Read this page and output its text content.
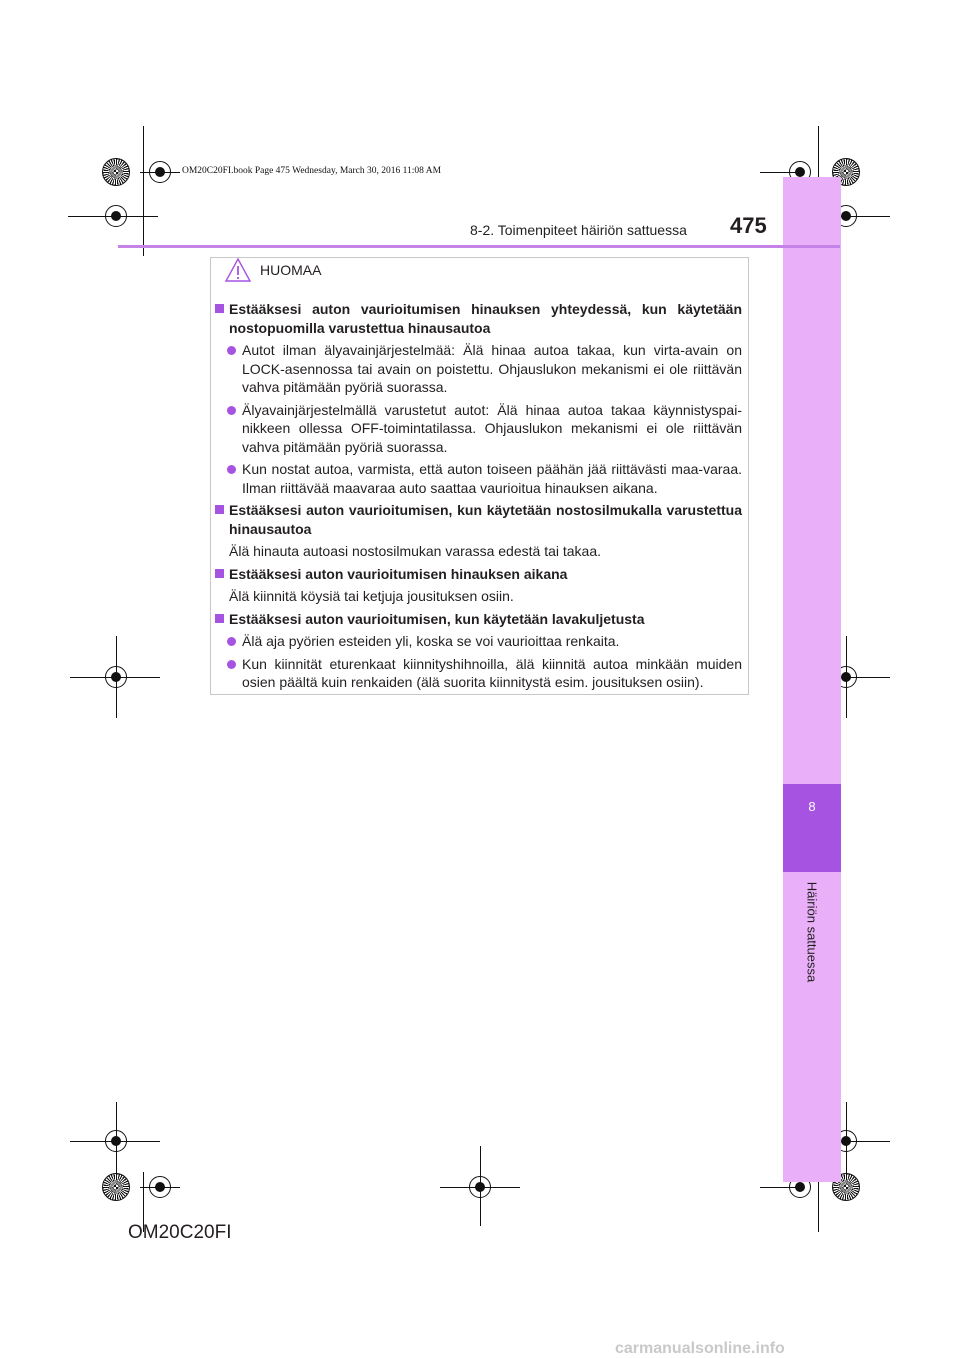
8
Häiriön sattuessa
OM20C20FI.book Page 475 Wednesday, March 30, 2016 11:08 AM
8-2. Toimenpiteet häiriön sattuessa 475
HUOMAA
Estääksesi auton vaurioitumisen hinauksen yhteydessä, kun käytetään nostopuomilla varustettua hinausautoa
Autot ilman älyavainjärjestelmää: Älä hinaa autoa takaa, kun virta-avain on LOCK-asennossa tai avain on poistettu. Ohjauslukon mekanismi ei ole riittävän vahva pitämään pyöriä suorassa.
Älyavainjärjestelmällä varustetut autot: Älä hinaa autoa takaa käynnistyspai-nikkeen ollessa OFF-toimintatilassa. Ohjauslukon mekanismi ei ole riittävän vahva pitämään pyöriä suorassa.
Kun nostat autoa, varmista, että auton toiseen päähän jää riittävästi maa-varaa. Ilman riittävää maavaraa auto saattaa vaurioitua hinauksen aikana.
Estääksesi auton vaurioitumisen, kun käytetään nostosilmukalla varustettua hinausautoa
Älä hinauta autoasi nostosilmukan varassa edestä tai takaa.
Estääksesi auton vaurioitumisen hinauksen aikana
Älä kiinnitä köysiä tai ketjuja jousituksen osiin.
Estääksesi auton vaurioitumisen, kun käytetään lavakuljetusta
Älä aja pyörien esteiden yli, koska se voi vaurioittaa renkaita.
Kun kiinnität eturenkaat kiinnityshihnoilla, älä kiinnitä autoa minkään muiden osien päältä kuin renkaiden (älä suorita kiinnitystä esim. jousituksen osiin).
OM20C20FI
carmanualsonline.info
